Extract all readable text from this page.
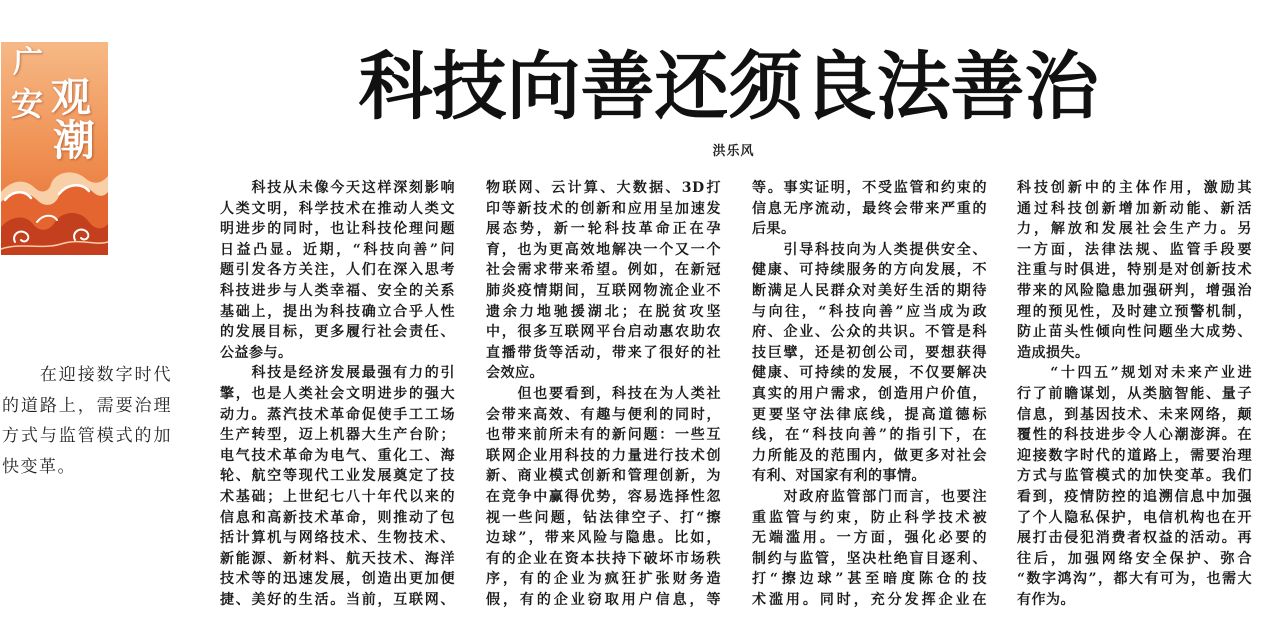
广
安 观
潮
　　在迎接数字时代
的道路上，需要治理
方式与监管模式的加
快变革。
科技向善还须良法善治
洪乐风
　　科技从未像今天这样深刻影响
人类文明，科学技术在推动人类文
明进步的同时，也让科技伦理问题
日益凸显。近期，“科技向善”问
题引发各方关注，人们在深入思考
科技进步与人类幸福、安全的关系
基础上，提出为科技确立合乎人性
的发展目标，更多履行社会责任、
公益参与。
　　科技是经济发展最强有力的引
擎，也是人类社会文明进步的强大
动力。蒸汽技术革命促使手工工场
生产转型，迈上机器大生产台阶；
电气技术革命为电气、重化工、海
轮、航空等现代工业发展奠定了技
术基础；上世纪七八十年代以来的
信息和高新技术革命，则推动了包
括计算机与网络技术、生物技术、
新能源、新材料、航天技术、海洋
技术等的迅速发展，创造出更加便
捷、美好的生活。当前，互联网、
物联网、云计算、大数据、3D打
印等新技术的创新和应用呈加速发
展态势，新一轮科技革命正在孕
育，也为更高效地解决一个又一个
社会需求带来希望。例如，在新冠
肺炎疫情期间，互联网物流企业不
遗余力地驰援湖北；在脱贫攻坚
中，很多互联网平台启动惠农助农
直播带货等活动，带来了很好的社
会效应。
　　但也要看到，科技在为人类社
会带来高效、有趣与便利的同时，
也带来前所未有的新问题：一些互
联网企业用科技的力量进行技术创
新、商业模式创新和管理创新，为
在竞争中赢得优势，容易选择性忽
视一些问题，钻法律空子、打“擦
边球”，带来风险与隐患。比如，
有的企业在资本扶持下破坏市场秩
序，有的企业为疯狂扩张财务造
假，有的企业窃取用户信息，等
等。事实证明，不受监管和约束的
信息无序流动，最终会带来严重的
后果。
　　引导科技向为人类提供安全、
健康、可持续服务的方向发展，不
断满足人民群众对美好生活的期待
与向往，“科技向善”应当成为政
府、企业、公众的共识。不管是科
技巨擘，还是初创公司，要想获得
健康、可持续的发展，不仅要解决
真实的用户需求，创造用户价值，
更要坚守法律底线，提高道德标
线，在“科技向善”的指引下，在
力所能及的范围内，做更多对社会
有利、对国家有利的事情。
　　对政府监管部门而言，也要注
重监管与约束，防止科学技术被
无端滥用。一方面，强化必要的
制约与监管，坚决杜绝盲目逐利、
打“擦边球”甚至暗度陈仓的技
术滥用。同时，充分发挥企业在
科技创新中的主体作用，激励其
通过科技创新增加新动能、新活
力，解放和发展社会生产力。另
一方面，法律法规、监管手段要
注重与时俱进，特别是对创新技术
带来的风险隐患加强研判，增强治
理的预见性，及时建立预警机制，
防止苗头性倾向性问题坐大成势、
造成损失。
　　“十四五”规划对未来产业进
行了前瞻谋划，从类脑智能、量子
信息，到基因技术、未来网络，颠
覆性的科技进步令人心潮澎湃。在
迎接数字时代的道路上，需要治理
方式与监管模式的加快变革。我们
看到，疫情防控的追溯信息中加强
了个人隐私保护，电信机构也在开
展打击侵犯消费者权益的活动。再
往后，加强网络安全保护、弥合
“数字鸿沟”，都大有可为，也需大
有作为。
